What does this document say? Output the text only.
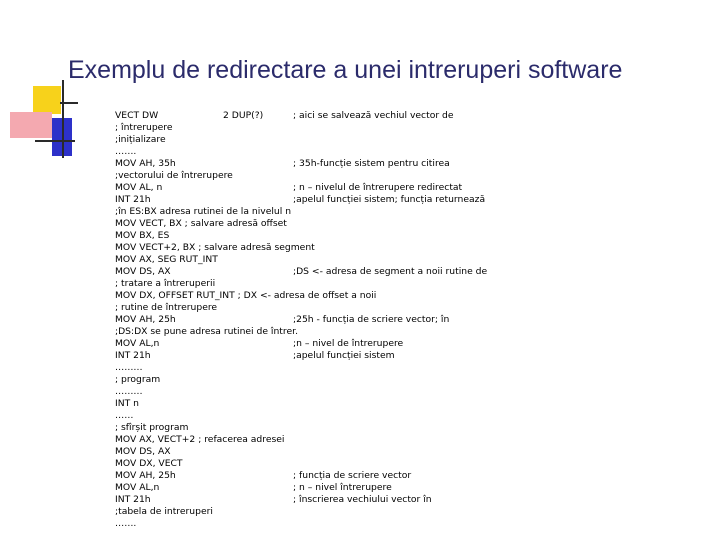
Exemplu de redirectare a unei intreruperi software
VECT DW	2 DUP(?)	; aici se salvează vechiul vector de
; întrerupere
;inițializare
…….
MOV AH, 35h	; 35h-funcție sistem pentru citirea
;vectorului de întrerupere
MOV AL, n	; n – nivelul de întrerupere redirectat
INT 21h	;apelul funcției sistem; funcția returnează
;în ES:BX adresa rutinei de la nivelul n
MOV VECT, BX ; salvare adresă offset
MOV BX, ES
MOV VECT+2, BX ; salvare adresă segment
MOV AX, SEG RUT_INT
MOV DS, AX	;DS <- adresa de segment a noii rutine de
; tratare a întreruperii
MOV DX, OFFSET RUT_INT ; DX <- adresa de offset a noii
; rutine de întrerupere
MOV AH, 25h	;25h - funcția de scriere vector; în
;DS:DX se pune adresa rutinei de întrer.
MOV AL,n	;n – nivel de întrerupere
INT 21h	;apelul funcției sistem
………
; program
………
INT n
……
; sfîrșit program
MOV AX, VECT+2 ; refacerea adresei
MOV DS, AX
MOV DX, VECT
MOV AH, 25h	; funcția de scriere vector
MOV AL,n	; n – nivel întrerupere
INT 21h	; înscrierea vechiului vector în
;tabela de intreruperi
…….
